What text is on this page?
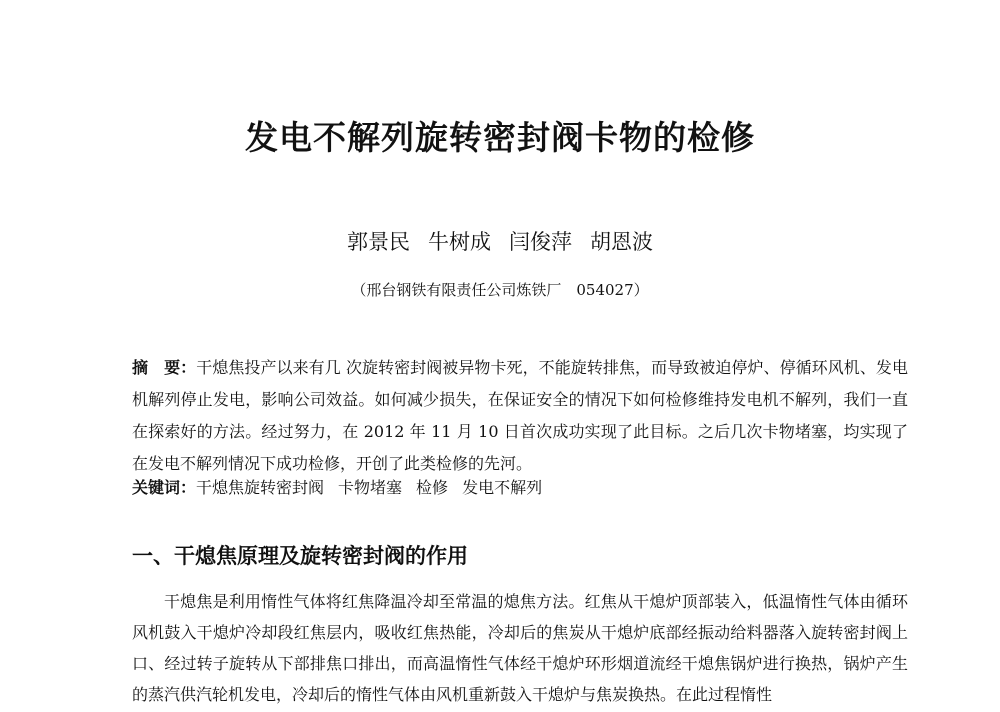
发电不解列旋转密封阀卡物的检修
郭景民 牛树成 闫俊萍 胡恩波
（邢台钢铁有限责任公司炼铁厂　054027）
摘　要：干熄焦投产以来有几 次旋转密封阀被异物卡死，不能旋转排焦，而导致被迫停炉、停循环风机、发电机解列停止发电，影响公司效益。如何减少损失，在保证安全的情况下如何检修维持发电机不解列，我们一直在探索好的方法。经过努力，在 2012 年 11 月 10 日首次成功实现了此目标。之后几次卡物堵塞，均实现了在发电不解列情况下成功检修，开创了此类检修的先河。
关键词：干熄焦旋转密封阀 卡物堵塞 检修 发电不解列
一、干熄焦原理及旋转密封阀的作用
干熄焦是利用惰性气体将红焦降温冷却至常温的熄焦方法。红焦从干熄炉顶部装入，低温惰性气体由循环风机鼓入干熄炉冷却段红焦层内，吸收红焦热能，冷却后的焦炭从干熄炉底部经振动给料器落入旋转密封阀上口、经过转子旋转从下部排焦口排出，而高温惰性气体经干熄炉环形烟道流经干熄焦锅炉进行换热，锅炉产生的蒸汽供汽轮机发电，冷却后的惰性气体由风机重新鼓入干熄炉与焦炭换热。在此过程惰性
